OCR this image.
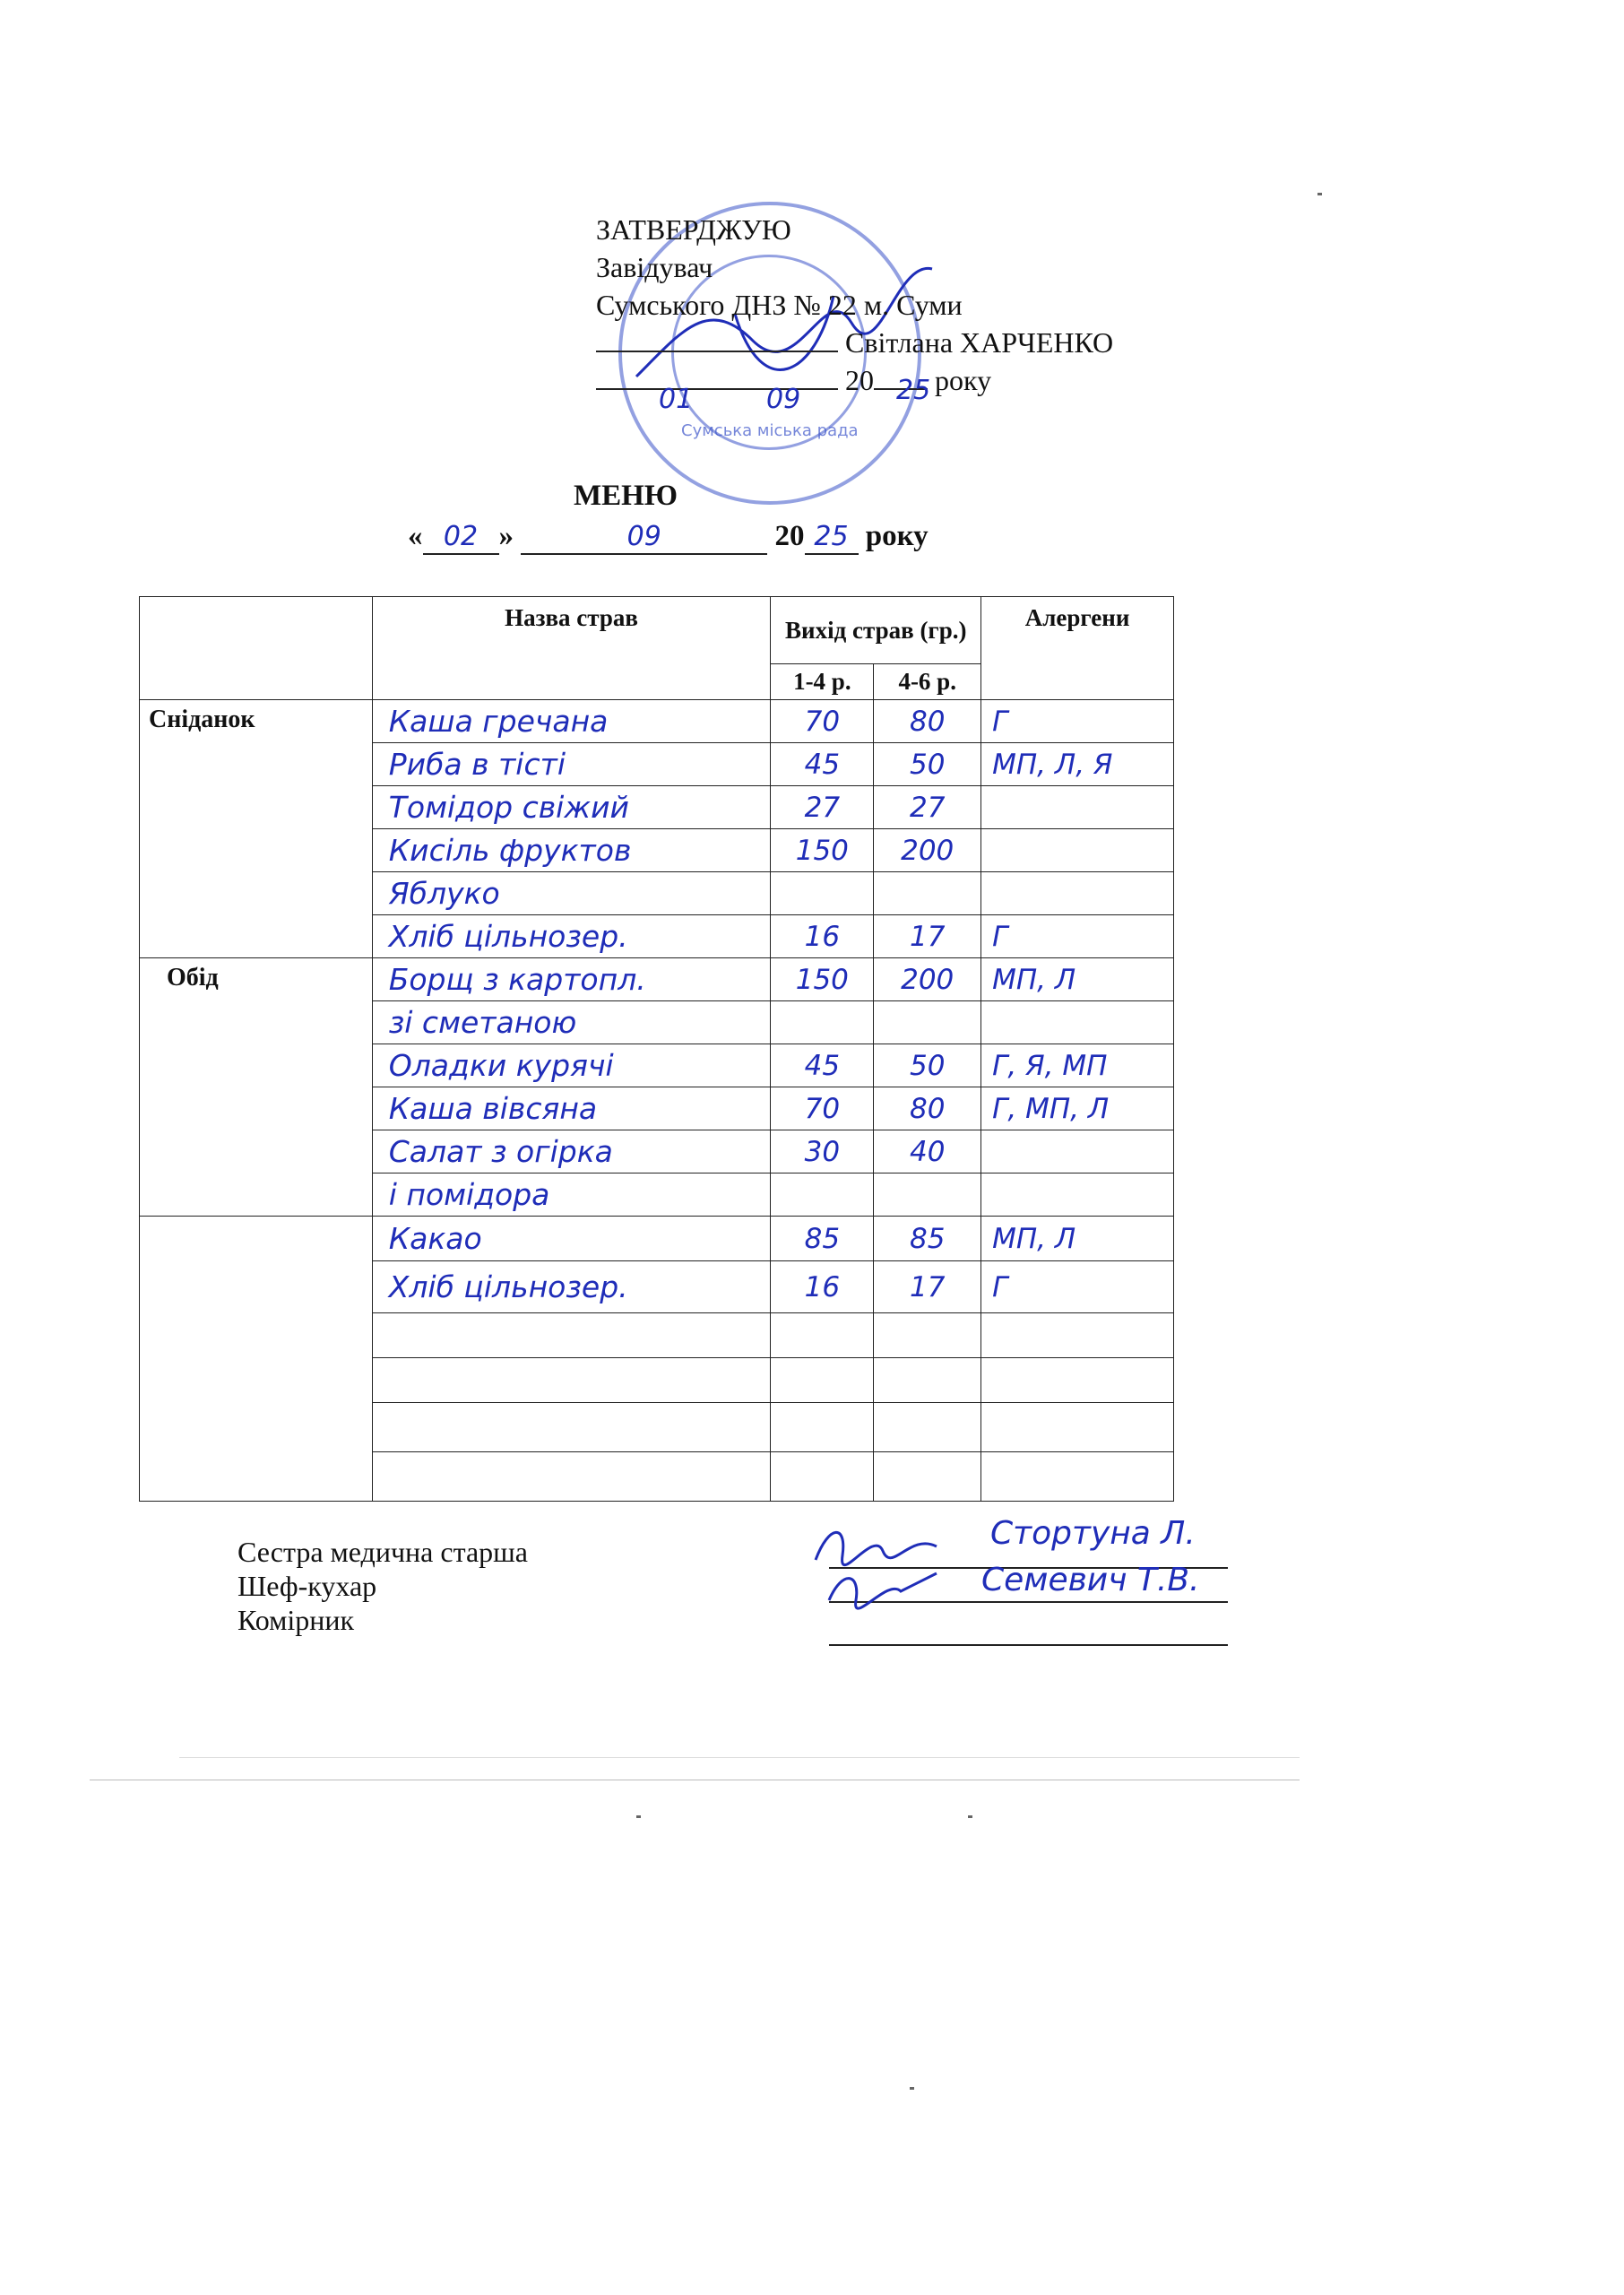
Сумська міська рада
ЗАТВЕРДЖУЮ
Завідувач
Сумського ДНЗ № 22 м. Суми
Світлана ХАРЧЕНКО
20 року
01	09	25
МЕНЮ
« 02 »	09	20 25 року
	Назва страв	Вихід страв (гр.)		Алергени
		1-4 р.	4-6 р.	
Сніданок	Каша гречана	70	80	Г
	Риба в тісті	45	50	МП, Л, Я
	Томідор свіжий	27	27	
	Кисіль фруктов	150	200	
	Яблуко			
	Хліб цільнозер.	16	17	Г
Обід	Борщ з картопл.	150	200	МП, Л
	зі сметаною			
	Оладки курячі	45	50	Г, Я, МП
	Каша вівсяна	70	80	Г, МП, Л
	Салат з огірка	30	40	
	і помідора			
	Какао	85	85	МП, Л
	Хліб цільнозер.	16	17	Г

Сестра медична старша
Шеф-кухар
Комірник
Стортуна Л.
Семевич Т.В.
